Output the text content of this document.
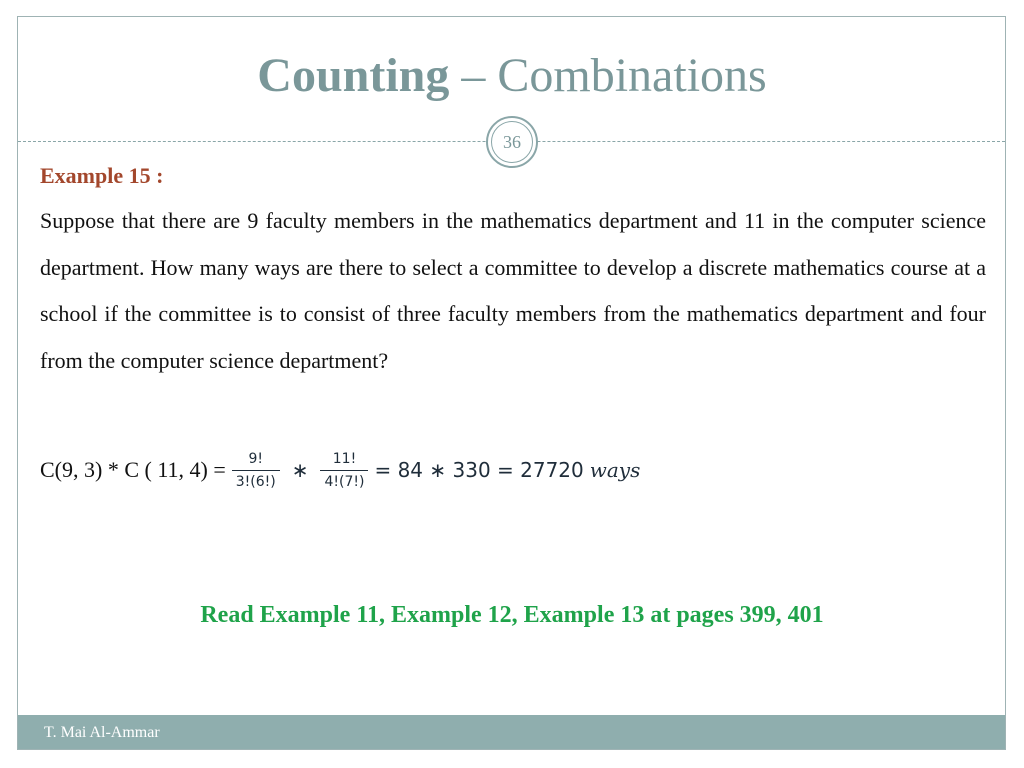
Counting – Combinations
36
Example 15 :

Suppose that there are 9 faculty members in the mathematics department and 11 in the computer science department. How many ways are there to select a committee to develop a discrete mathematics course at a school if the committee is to consist of three faculty members from the mathematics department and four from the computer science department?

C(9, 3) * C ( 11, $4) = \frac{9!}{3!(6!)}$ ∗ $\frac{11!}{4!(7!)} = 84$ ∗ 330 = 27720 ways
Read Example 11, Example 12, Example 13 at pages 399, 401
T. Mai Al-Ammar
